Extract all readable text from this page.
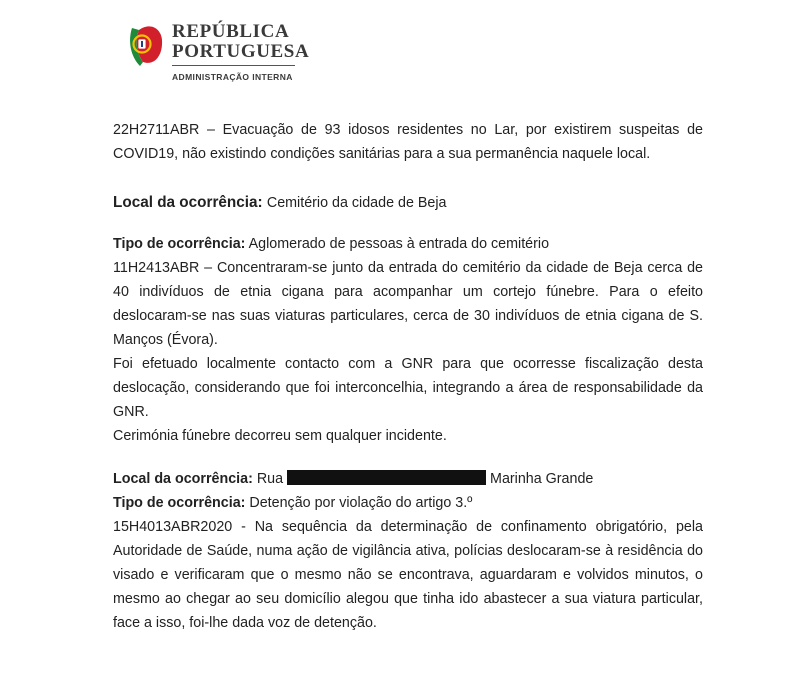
REPÚBLICA
PORTUGUESA
ADMINISTRAÇÃO INTERNA

22H2711ABR – Evacuação de 93 idosos residentes no Lar, por existirem suspeitas de COVID19, não existindo condições sanitárias para a sua permanência naquele local.

Local da ocorrência: Cemitério da cidade de Beja

Tipo de ocorrência: Aglomerado de pessoas à entrada do cemitério

11H2413ABR – Concentraram-se junto da entrada do cemitério da cidade de Beja cerca de 40 indivíduos de etnia cigana para acompanhar um cortejo fúnebre. Para o efeito deslocaram-se nas suas viaturas particulares, cerca de 30 indivíduos de etnia cigana de S. Manços (Évora).

Foi efetuado localmente contacto com a GNR para que ocorresse fiscalização desta deslocação, considerando que foi interconcelhia, integrando a área de responsabilidade da GNR.

Cerimónia fúnebre decorreu sem qualquer incidente.

Local da ocorrência: Rua	Marinha Grande

Tipo de ocorrência: Detenção por violação do artigo 3.º

15H4013ABR2020 - Na sequência da determinação de confinamento obrigatório, pela Autoridade de Saúde, numa ação de vigilância ativa, polícias deslocaram-se à residência do visado e verificaram que o mesmo não se encontrava, aguardaram e volvidos minutos, o mesmo ao chegar ao seu domicílio alegou que tinha ido abastecer a sua viatura particular, face a isso, foi-lhe dada voz de detenção.
